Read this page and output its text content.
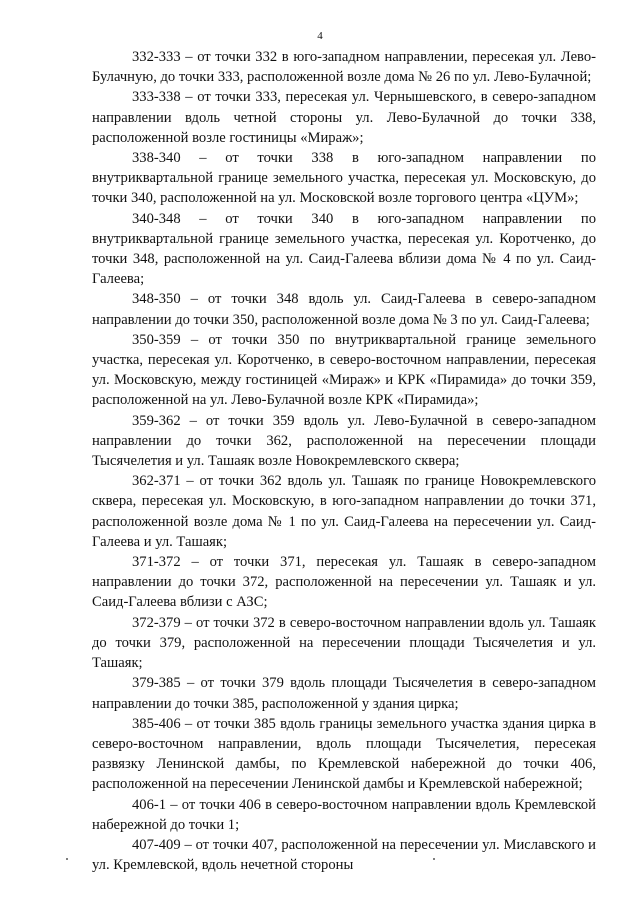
4

332-333 – от точки 332 в юго-западном направлении, пересекая ул. Лево-Булачную, до точки 333, расположенной возле дома № 26 по ул. Лево-Булачной;

333-338 – от точки 333, пересекая ул. Чернышевского, в северо-западном направлении вдоль четной стороны ул. Лево-Булачной до точки 338, расположенной возле гостиницы «Мираж»;

338-340 – от точки 338 в юго-западном направлении по внутриквартальной границе земельного участка, пересекая ул. Московскую, до точки 340, расположенной на ул. Московской возле торгового центра «ЦУМ»;

340-348 – от точки 340 в юго-западном направлении по внутриквартальной границе земельного участка, пересекая ул. Коротченко, до точки 348, расположенной на ул. Саид-Галеева вблизи дома № 4 по ул. Саид-Галеева;

348-350 – от точки 348 вдоль ул. Саид-Галеева в северо-западном направлении до точки 350, расположенной возле дома № 3 по ул. Саид-Галеева;

350-359 – от точки 350 по внутриквартальной границе земельного участка, пересекая ул. Коротченко, в северо-восточном направлении, пересекая ул. Московскую, между гостиницей «Мираж» и КРК «Пирамида» до точки 359, расположенной на ул. Лево-Булачной возле КРК «Пирамида»;

359-362 – от точки 359 вдоль ул. Лево-Булачной в северо-западном направлении до точки 362, расположенной на пересечении площади Тысячелетия и ул. Ташаяк возле Новокремлевского сквера;

362-371 – от точки 362 вдоль ул. Ташаяк по границе Новокремлевского сквера, пересекая ул. Московскую, в юго-западном направлении до точки 371, расположенной возле дома № 1 по ул. Саид-Галеева на пересечении ул. Саид-Галеева и ул. Ташаяк;

371-372 – от точки 371, пересекая ул. Ташаяк в северо-западном направлении до точки 372, расположенной на пересечении ул. Ташаяк и ул. Саид-Галеева вблизи с АЗС;

372-379 – от точки 372 в северо-восточном направлении вдоль ул. Ташаяк до точки 379, расположенной на пересечении площади Тысячелетия и ул. Ташаяк;

379-385 – от точки 379 вдоль площади Тысячелетия в северо-западном направлении до точки 385, расположенной у здания цирка;

385-406 – от точки 385 вдоль границы земельного участка здания цирка в северо-восточном направлении, вдоль площади Тысячелетия, пересекая развязку Ленинской дамбы, по Кремлевской набережной до точки 406, расположенной на пересечении Ленинской дамбы и Кремлевской набережной;

406-1 – от точки 406 в северо-восточном направлении вдоль Кремлевской набережной до точки 1;

407-409 – от точки 407, расположенной на пересечении ул. Миславского и ул. Кремлевской, вдоль нечетной стороны
